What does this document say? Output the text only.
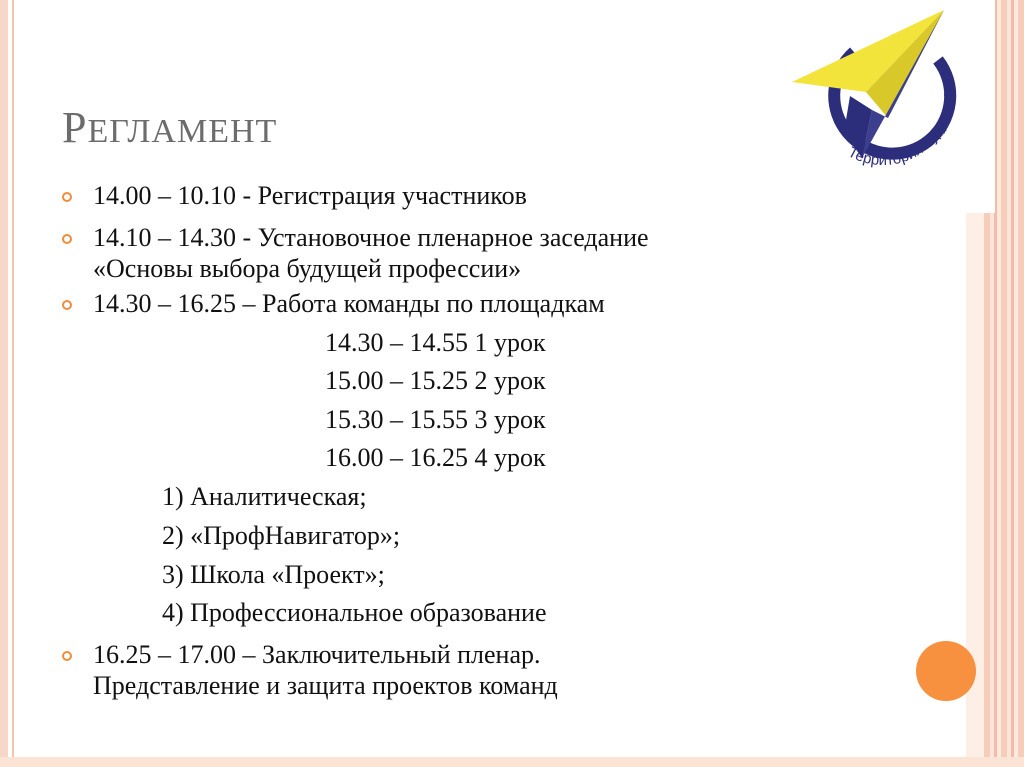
Территория будущего
РЕГЛАМЕНТ
14.00 – 10.10 - Регистрация участников
14.10 – 14.30 - Установочное пленарное заседание
«Основы выбора будущей профессии»
14.30 – 16.25 – Работа команды по площадкам
14.30 – 14.55 1 урок
15.00 – 15.25 2 урок
15.30 – 15.55 3 урок
16.00 – 16.25 4 урок
1) Аналитическая;
2) «ПрофНавигатор»;
3) Школа «Проект»;
4) Профессиональное образование
16.25 – 17.00 – Заключительный пленар.
Представление и защита проектов команд
